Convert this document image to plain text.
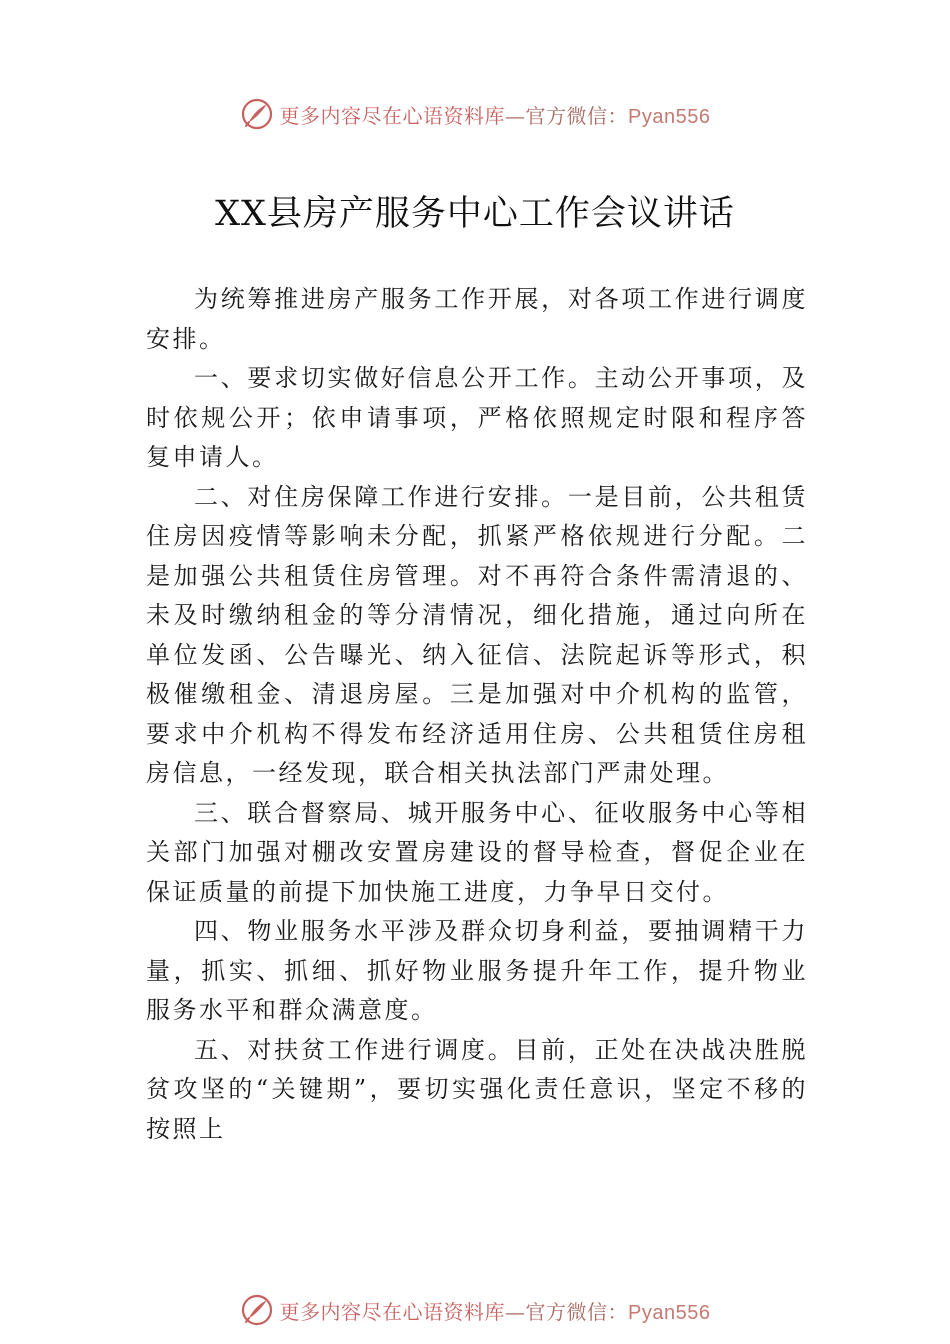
更多内容尽在心语资料库—官方微信：Pyan556
XX县房产服务中心工作会议讲话

为统筹推进房产服务工作开展，对各项工作进行调度安排。

一、要求切实做好信息公开工作。主动公开事项，及时依规公开；依申请事项，严格依照规定时限和程序答复申请人。

二、对住房保障工作进行安排。一是目前，公共租赁住房因疫情等影响未分配，抓紧严格依规进行分配。二是加强公共租赁住房管理。对不再符合条件需清退的、未及时缴纳租金的等分清情况，细化措施，通过向所在单位发函、公告曝光、纳入征信、法院起诉等形式，积极催缴租金、清退房屋。三是加强对中介机构的监管，要求中介机构不得发布经济适用住房、公共租赁住房租房信息，一经发现，联合相关执法部门严肃处理。

三、联合督察局、城开服务中心、征收服务中心等相关部门加强对棚改安置房建设的督导检查，督促企业在保证质量的前提下加快施工进度，力争早日交付。

四、物业服务水平涉及群众切身利益，要抽调精干力量，抓实、抓细、抓好物业服务提升年工作，提升物业服务水平和群众满意度。

五、对扶贫工作进行调度。目前，正处在决战决胜脱贫攻坚的“关键期”，要切实强化责任意识，坚定不移的按照上

更多内容尽在心语资料库—官方微信：Pyan556
